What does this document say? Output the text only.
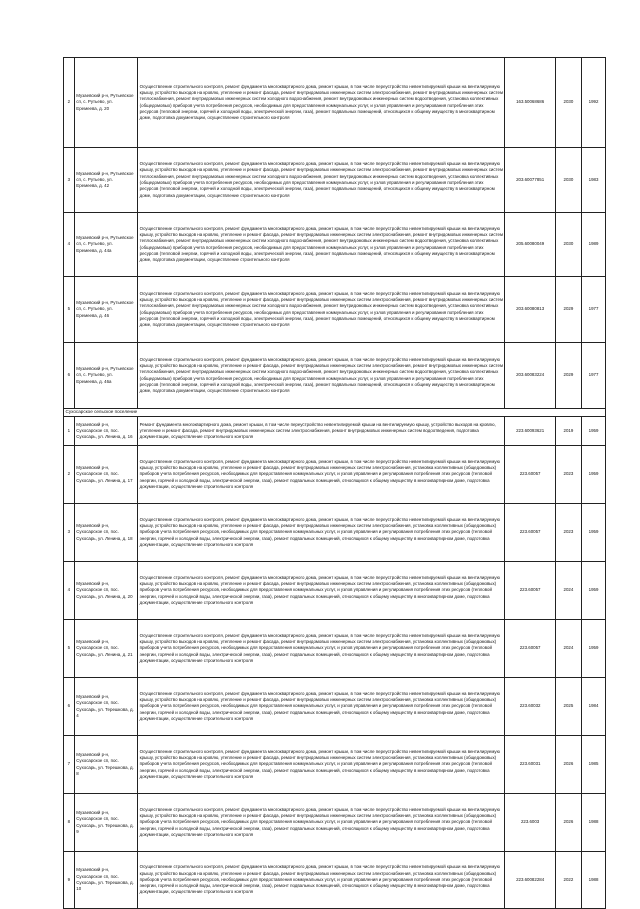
2	Музаевский р-н, Рутьевское сп, с. Рутьево, ул. Еремеева, д. 20	Осуществление строительного контроля, ремонт фундамента многоквартирного дома, ремонт крыши, в том числе переустройство невентилируемой крыши на вентилируемую крышу, устройство выходов на кровлю, утепление и ремонт фасада, ремонт внутридомовых инженерных систем электроснабжения, ремонт внутридомовых инженерных систем теплоснабжения, ремонт внутридомовых инженерных систем холодного водоснабжения, ремонт внутридомовых инженерных систем водоотведения, установка коллективных (общедомовых) приборов учета потребления ресурсов, необходимых для предоставления коммунальных услуг, и узлов управления и регулирования потребления этих ресурсов (тепловой энергии, горячей и холодной воды, электрической энергии, газа), ремонт подвальных помещений, относящихся к общему имуществу в многоквартирном доме, подготовка документации, осуществление строительного контроля	163.50068686	2030	1992
3	Музаевский р-н, Рутьевское сп, с. Рутьево, ул. Еремеева, д. 42	Осуществление строительного контроля, ремонт фундамента многоквартирного дома, ремонт крыши, в том числе переустройство невентилируемой крыши на вентилируемую крышу, устройство выходов на кровлю, утепление и ремонт фасада, ремонт внутридомовых инженерных систем электроснабжения, ремонт внутридомовых инженерных систем теплоснабжения, ремонт внутридомовых инженерных систем холодного водоснабжения, ремонт внутридомовых инженерных систем водоотведения, установка коллективных (общедомовых) приборов учета потребления ресурсов, необходимых для предоставления коммунальных услуг, и узлов управления и регулирования потребления этих ресурсов (тепловой энергии, горячей и холодной воды, электрической энергии, газа), ремонт подвальных помещений, относящихся к общему имуществу в многоквартирном доме, подготовка документации, осуществление строительного контроля	203.60077851	2030	1983
4	Музаевский р-н, Рутьевское сп, с. Рутьево, ул. Еремеева, д. 44а	Осуществление строительного контроля, ремонт фундамента многоквартирного дома, ремонт крыши, в том числе переустройство невентилируемой крыши на вентилируемую крышу, устройство выходов на кровлю, утепление и ремонт фасада, ремонт внутридомовых инженерных систем электроснабжения, ремонт внутридомовых инженерных систем теплоснабжения, ремонт внутридомовых инженерных систем холодного водоснабжения, ремонт внутридомовых инженерных систем водоотведения, установка коллективных (общедомовых) приборов учета потребления ресурсов, необходимых для предоставления коммунальных услуг, и узлов управления и регулирования потребления этих ресурсов (тепловой энергии, горячей и холодной воды, электрической энергии, газа), ремонт подвальных помещений, относящихся к общему имуществу в многоквартирном доме, подготовка документации, осуществление строительного контроля	205.60080049	2030	1989
5	Музаевский р-н, Рутьевское сп, с. Рутьево, ул. Еремеева, д. 46	Осуществление строительного контроля, ремонт фундамента многоквартирного дома, ремонт крыши, в том числе переустройство невентилируемой крыши на вентилируемую крышу, устройство выходов на кровлю, утепление и ремонт фасада, ремонт внутридомовых инженерных систем электроснабжения, ремонт внутридомовых инженерных систем теплоснабжения, ремонт внутридомовых инженерных систем холодного водоснабжения, ремонт внутридомовых инженерных систем водоотведения, установка коллективных (общедомовых) приборов учета потребления ресурсов, необходимых для предоставления коммунальных услуг, и узлов управления и регулирования потребления этих ресурсов (тепловой энергии, горячей и холодной воды, электрической энергии, газа), ремонт подвальных помещений, относящихся к общему имуществу в многоквартирном доме, подготовка документации, осуществление строительного контроля	203.60080813	2029	1977
6	Музаевский р-н, Рутьевское сп, с. Рутьево, ул. Еремеева, д. 46а	Осуществление строительного контроля, ремонт фундамента многоквартирного дома, ремонт крыши, в том числе переустройство невентилируемой крыши на вентилируемую крышу, устройство выходов на кровлю, утепление и ремонт фасада, ремонт внутридомовых инженерных систем электроснабжения, ремонт внутридомовых инженерных систем теплоснабжения, ремонт внутридомовых инженерных систем холодного водоснабжения, ремонт внутридомовых инженерных систем водоотведения, установка коллективных (общедомовых) приборов учета потребления ресурсов, необходимых для предоставления коммунальных услуг, и узлов управления и регулирования потребления этих ресурсов (тепловой энергии, горячей и холодной воды, электрической энергии, газа), ремонт подвальных помещений, относящихся к общему имуществу в многоквартирном доме, подготовка документации, осуществление строительного контроля	203.60083224	2029	1977
Сухосарское сельское поселение					
1	Музаевский р-н, Сухосарское сп, пос. Сухосарь, ул. Ленина, д. 16	Ремонт фундамента многоквартирного дома, ремонт крыши, в том числе переустройство невентилируемой крыши на вентилируемую крышу, устройство выходов на кровлю, утепление и ремонт фасада, ремонт внутридомовых инженерных систем электроснабжения, ремонт внутридомовых инженерных систем водоотведения, подготовка документации, осуществление строительного контроля	223.60093621	2019	1959
2	Музаевский р-н, Сухосарское сп, пос. Сухосарь, ул. Ленина, д. 17	Осуществление строительного контроля, ремонт фундамента многоквартирного дома, ремонт крыши, в том числе переустройство невентилируемой крыши на вентилируемую крышу, устройство выходов на кровлю, утепление и ремонт фасада, ремонт внутридомовых инженерных систем электроснабжения, установка коллективных (общедомовых) приборов учета потребления ресурсов, необходимых для предоставления коммунальных услуг, и узлов управления и регулирования потребления этих ресурсов (тепловой энергии, горячей и холодной воды, электрической энергии, газа), ремонт подвальных помещений, относящихся к общему имуществу в многоквартирном доме, подготовка документации, осуществление строительного контроля	223.60057	2023	1959
3	Музаевский р-н, Сухосарское сп, пос. Сухосарь, ул. Ленина, д. 18	Осуществление строительного контроля, ремонт фундамента многоквартирного дома, ремонт крыши, в том числе переустройство невентилируемой крыши на вентилируемую крышу, устройство выходов на кровлю, утепление и ремонт фасада, ремонт внутридомовых инженерных систем электроснабжения, установка коллективных (общедомовых) приборов учета потребления ресурсов, необходимых для предоставления коммунальных услуг, и узлов управления и регулирования потребления этих ресурсов (тепловой энергии, горячей и холодной воды, электрической энергии, газа), ремонт подвальных помещений, относящихся к общему имуществу в многоквартирном доме, подготовка документации, осуществление строительного контроля	223.60057	2023	1959
4	Музаевский р-н, Сухосарское сп, пос. Сухосарь, ул. Ленина, д. 20	Осуществление строительного контроля, ремонт фундамента многоквартирного дома, ремонт крыши, в том числе переустройство невентилируемой крыши на вентилируемую крышу, устройство выходов на кровлю, утепление и ремонт фасада, ремонт внутридомовых инженерных систем электроснабжения, установка коллективных (общедомовых) приборов учета потребления ресурсов, необходимых для предоставления коммунальных услуг, и узлов управления и регулирования потребления этих ресурсов (тепловой энергии, горячей и холодной воды, электрической энергии, газа), ремонт подвальных помещений, относящихся к общему имуществу в многоквартирном доме, подготовка документации, осуществление строительного контроля	223.60057	2024	1959
5	Музаевский р-н, Сухосарское сп, пос. Сухосарь, ул. Ленина, д. 21	Осуществление строительного контроля, ремонт фундамента многоквартирного дома, ремонт крыши, в том числе переустройство невентилируемой крыши на вентилируемую крышу, устройство выходов на кровлю, утепление и ремонт фасада, ремонт внутридомовых инженерных систем электроснабжения, установка коллективных (общедомовых) приборов учета потребления ресурсов, необходимых для предоставления коммунальных услуг, и узлов управления и регулирования потребления этих ресурсов (тепловой энергии, горячей и холодной воды, электрической энергии, газа), ремонт подвальных помещений, относящихся к общему имуществу в многоквартирном доме, подготовка документации, осуществление строительного контроля	223.60057	2024	1959
6	Музаевский р-н, Сухосарское сп, пос. Сухосарь, ул. Терешкова, д. 4	Осуществление строительного контроля, ремонт фундамента многоквартирного дома, ремонт крыши, в том числе переустройство невентилируемой крыши на вентилируемую крышу, устройство выходов на кровлю, утепление и ремонт фасада, ремонт внутридомовых инженерных систем электроснабжения, установка коллективных (общедомовых) приборов учета потребления ресурсов, необходимых для предоставления коммунальных услуг, и узлов управления и регулирования потребления этих ресурсов (тепловой энергии, горячей и холодной воды, электрической энергии, газа), ремонт подвальных помещений, относящихся к общему имуществу в многоквартирном доме, подготовка документации, осуществление строительного контроля	223.60032	2025	1984
7	Музаевский р-н, Сухосарское сп, пос. Сухосарь, ул. Терешкова, д. 8	Осуществление строительного контроля, ремонт фундамента многоквартирного дома, ремонт крыши, в том числе переустройство невентилируемой крыши на вентилируемую крышу, устройство выходов на кровлю, утепление и ремонт фасада, ремонт внутридомовых инженерных систем электроснабжения, установка коллективных (общедомовых) приборов учета потребления ресурсов, необходимых для предоставления коммунальных услуг, и узлов управления и регулирования потребления этих ресурсов (тепловой энергии, горячей и холодной воды, электрической энергии, газа), ремонт подвальных помещений, относящихся к общему имуществу в многоквартирном доме, подготовка документации, осуществление строительного контроля	223.60031	2026	1985
8	Музаевский р-н, Сухосарское сп, пос. Сухосарь, ул. Терешкова, д. 9	Осуществление строительного контроля, ремонт фундамента многоквартирного дома, ремонт крыши, в том числе переустройство невентилируемой крыши на вентилируемую крышу, устройство выходов на кровлю, утепление и ремонт фасада, ремонт внутридомовых инженерных систем электроснабжения, установка коллективных (общедомовых) приборов учета потребления ресурсов, необходимых для предоставления коммунальных услуг, и узлов управления и регулирования потребления этих ресурсов (тепловой энергии, горячей и холодной воды, электрической энергии, газа), ремонт подвальных помещений, относящихся к общему имуществу в многоквартирном доме, подготовка документации, осуществление строительного контроля	223.6003	2026	1988
9	Музаевский р-н, Сухосарское сп, пос. Сухосарь, ул. Терешкова, д. 10	Осуществление строительного контроля, ремонт фундамента многоквартирного дома, ремонт крыши, в том числе переустройство невентилируемой крыши на вентилируемую крышу, устройство выходов на кровлю, утепление и ремонт фасада, ремонт внутридомовых инженерных систем электроснабжения, установка коллективных (общедомовых) приборов учета потребления ресурсов, необходимых для предоставления коммунальных услуг, и узлов управления и регулирования потребления этих ресурсов (тепловой энергии, горячей и холодной воды, электрической энергии, газа), ремонт подвальных помещений, относящихся к общему имуществу в многоквартирном доме, подготовка документации, осуществление строительного контроля	223.60082284	2022	1988
